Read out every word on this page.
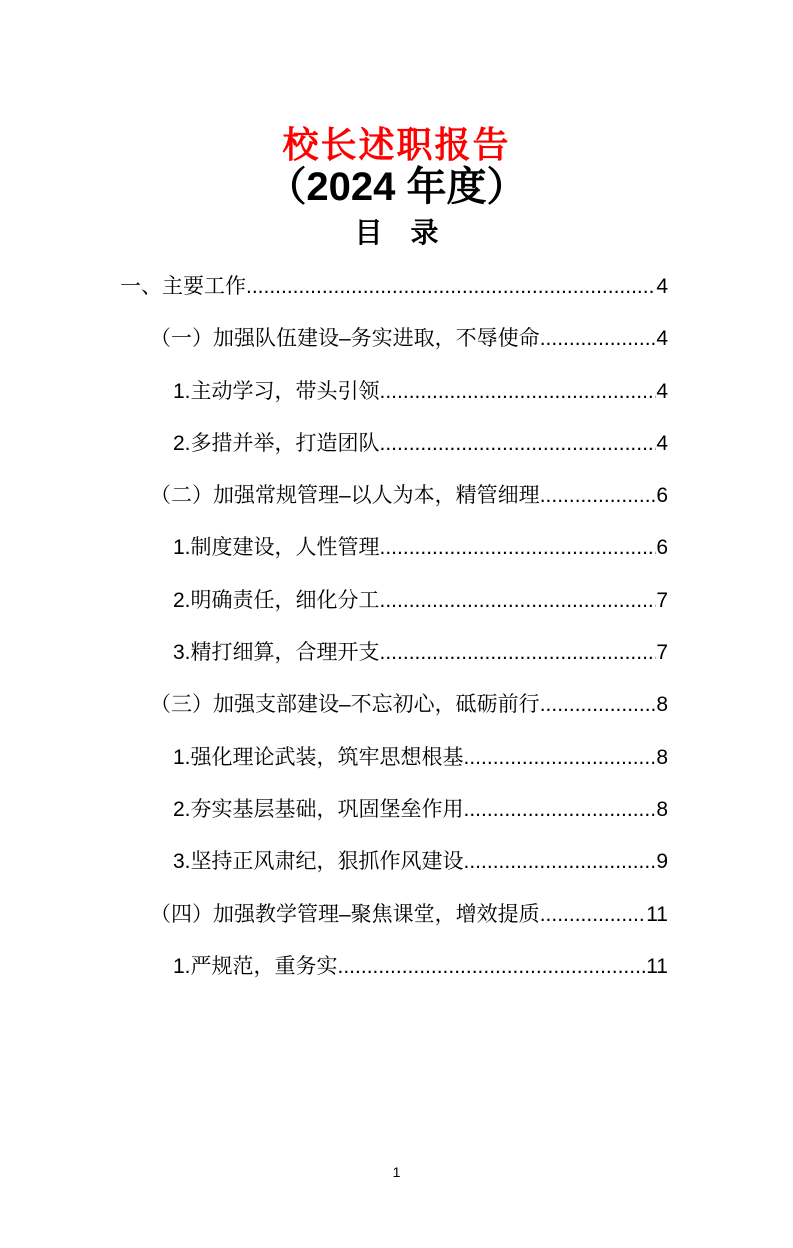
校长述职报告
（2024 年度）
目　录
一、主要工作 .....	4
（一）加强队伍建设–务实进取，不辱使命 .....	4
1.主动学习，带头引领 .....	4
2.多措并举，打造团队 .....	4
（二）加强常规管理–以人为本，精管细理 .....	6
1.制度建设，人性管理 .....	6
2.明确责任，细化分工 .....	7
3.精打细算，合理开支 .....	7
（三）加强支部建设–不忘初心，砥砺前行 .....	8
1.强化理论武装，筑牢思想根基 .....	8
2.夯实基层基础，巩固堡垒作用 .....	8
3.坚持正风肃纪，狠抓作风建设 .....	9
（四）加强教学管理–聚焦课堂，增效提质 .....	11
1.严规范，重务实 .....	11
1
